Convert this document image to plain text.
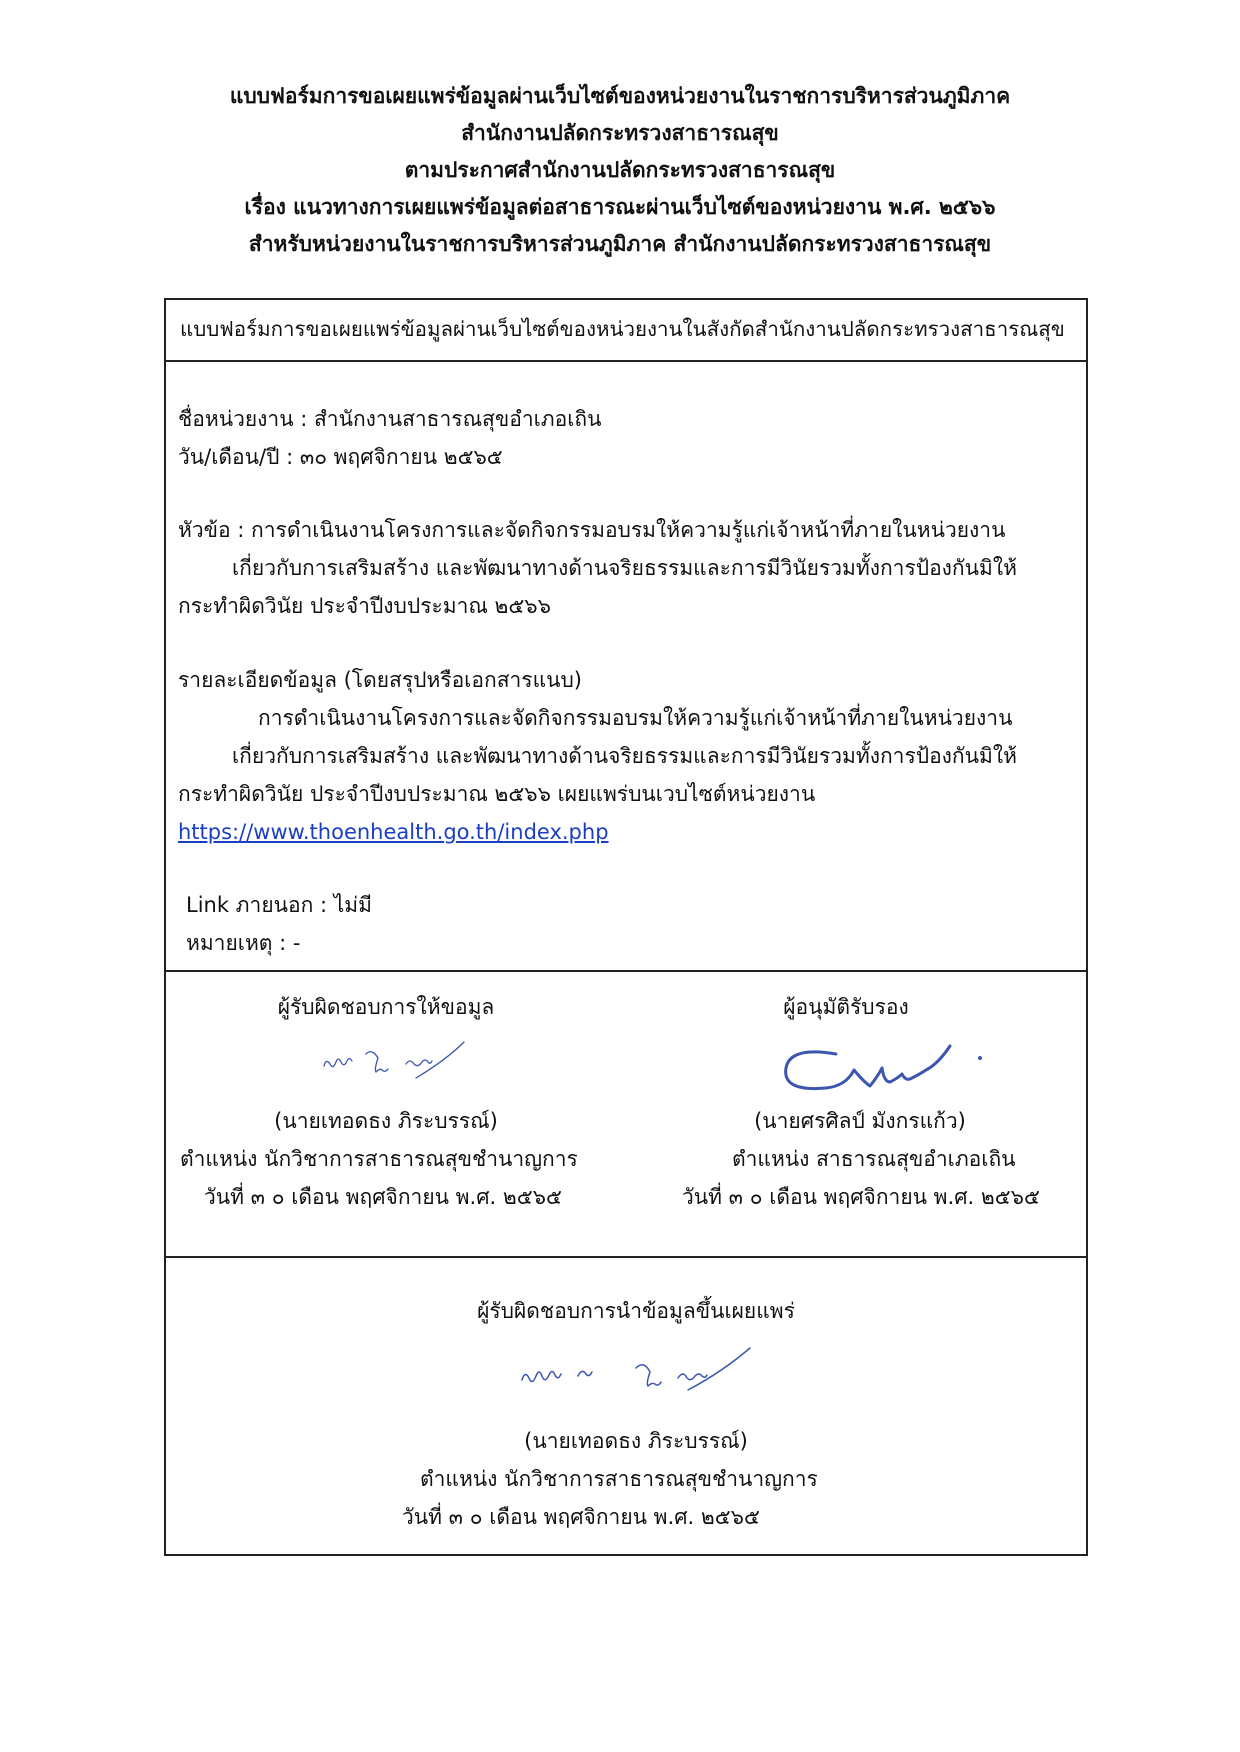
แบบฟอร์มการขอเผยแพร่ข้อมูลผ่านเว็บไซต์ของหน่วยงานในราชการบริหารส่วนภูมิภาค
สำนักงานปลัดกระทรวงสาธารณสุข
ตามประกาศสำนักงานปลัดกระทรวงสาธารณสุข
เรื่อง แนวทางการเผยแพร่ข้อมูลต่อสาธารณะผ่านเว็บไซต์ของหน่วยงาน พ.ศ. ๒๕๖๖
สำหรับหน่วยงานในราชการบริหารส่วนภูมิภาค สำนักงานปลัดกระทรวงสาธารณสุข
แบบฟอร์มการขอเผยแพร่ข้อมูลผ่านเว็บไซต์ของหน่วยงานในสังกัดสำนักงานปลัดกระทรวงสาธารณสุข
ชื่อหน่วยงาน : สำนักงานสาธารณสุขอำเภอเถิน
วัน/เดือน/ปี : ๓๐ พฤศจิกายน ๒๕๖๕
หัวข้อ : การดำเนินงานโครงการและจัดกิจกรรมอบรมให้ความรู้แก่เจ้าหน้าที่ภายในหน่วยงาน
เกี่ยวกับการเสริมสร้าง และพัฒนาทางด้านจริยธรรมและการมีวินัยรวมทั้งการป้องกันมิให้
กระทำผิดวินัย ประจำปีงบประมาณ ๒๕๖๖
รายละเอียดข้อมูล (โดยสรุปหรือเอกสารแนบ)
การดำเนินงานโครงการและจัดกิจกรรมอบรมให้ความรู้แก่เจ้าหน้าที่ภายในหน่วยงาน
เกี่ยวกับการเสริมสร้าง และพัฒนาทางด้านจริยธรรมและการมีวินัยรวมทั้งการป้องกันมิให้
กระทำผิดวินัย ประจำปีงบประมาณ ๒๕๖๖ เผยแพร่บนเวบไซต์หน่วยงาน
https://www.thoenhealth.go.th/index.php
Link ภายนอก : ไม่มี
หมายเหตุ : -
ผู้รับผิดชอบการให้ขอมูล
(นายเทอดธง ภิระบรรณ์)
ตำแหน่ง นักวิชาการสาธารณสุขชำนาญการ
วันที่ ๓ ๐ เดือน พฤศจิกายน พ.ศ. ๒๕๖๕
ผู้อนุมัติรับรอง
(นายศรศิลป์ มังกรแก้ว)
ตำแหน่ง สาธารณสุขอำเภอเถิน
วันที่ ๓ ๐ เดือน พฤศจิกายน พ.ศ. ๒๕๖๕
ผู้รับผิดชอบการนำข้อมูลขึ้นเผยแพร่
(นายเทอดธง ภิระบรรณ์)
ตำแหน่ง นักวิชาการสาธารณสุขชำนาญการ
วันที่ ๓ ๐ เดือน พฤศจิกายน พ.ศ. ๒๕๖๕
